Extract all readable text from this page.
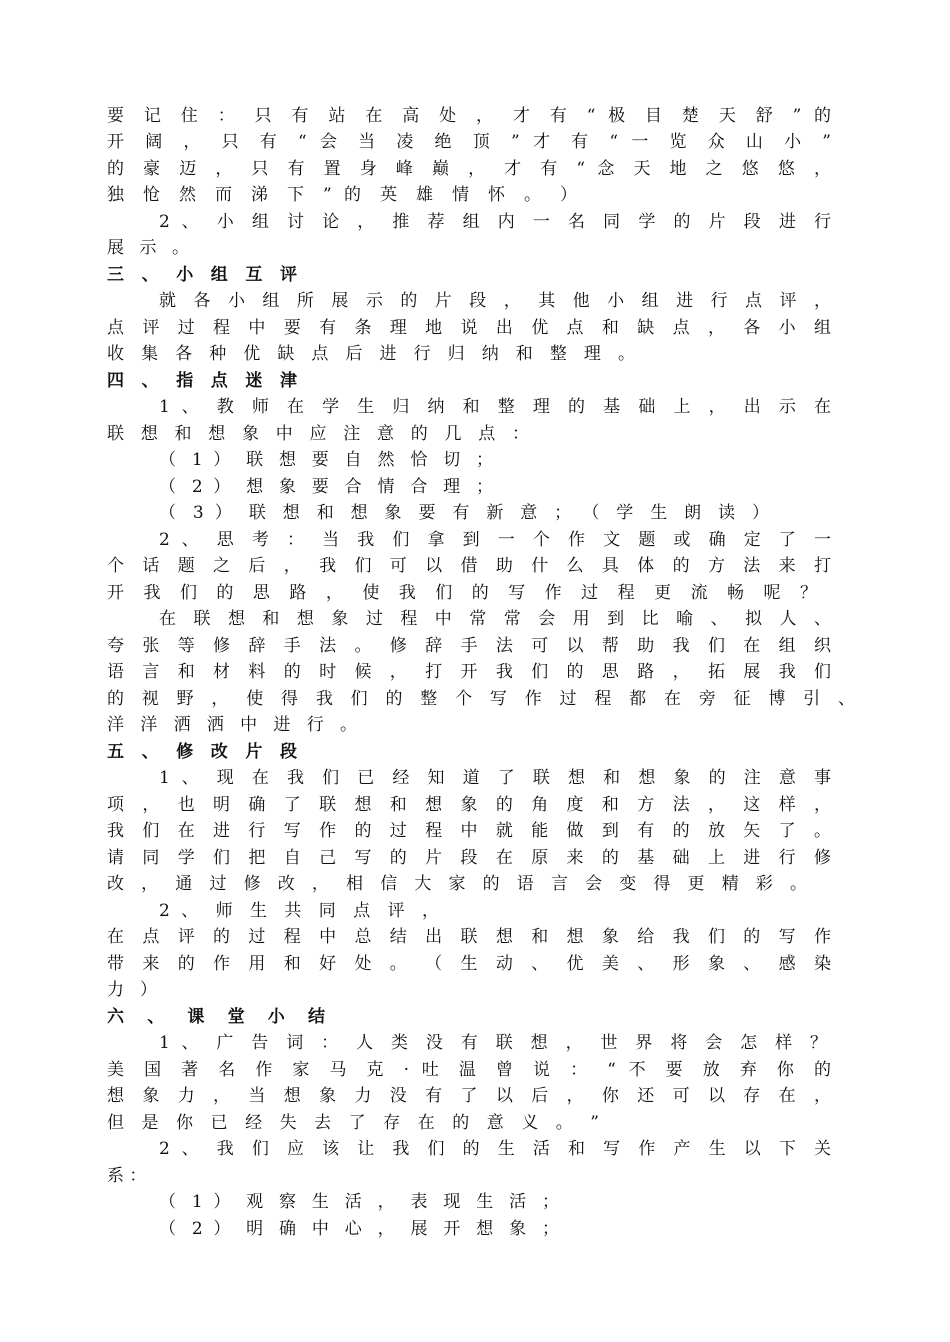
要 记 住 ： 只 有 站 在 高 处 ， 才 有 “ 极 目 楚 天 舒 ” 的
开 阔 ， 只 有 “ 会 当 凌 绝 顶 ” 才 有 “ 一 览 众 山 小 ”
的 豪 迈 ， 只 有 置 身 峰 巅 ， 才 有 “ 念 天 地 之 悠 悠 ，
独 怆 然 而 涕 下 ” 的 英 雄 情 怀 。 ）
2 、 小 组 讨 论 ， 推 荐 组 内 一 名 同 学 的 片 段 进 行
展 示 。
三 、 小 组 互 评
就 各 小 组 所 展 示 的 片 段 ， 其 他 小 组 进 行 点 评 ，
点 评 过 程 中 要 有 条 理 地 说 出 优 点 和 缺 点 ， 各 小 组
收 集 各 种 优 缺 点 后 进 行 归 纳 和 整 理 。
四 、 指 点 迷 津
1 、 教 师 在 学 生 归 纳 和 整 理 的 基 础 上 ， 出 示 在
联 想 和 想 象 中 应 注 意 的 几 点 ：
（ 1 ） 联 想 要 自 然 恰 切 ；
（ 2 ） 想 象 要 合 情 合 理 ；
（ 3 ） 联 想 和 想 象 要 有 新 意 ； （ 学 生 朗 读 ）
2 、 思 考 ： 当 我 们 拿 到 一 个 作 文 题 或 确 定 了 一
个 话 题 之 后 ， 我 们 可 以 借 助 什 么 具 体 的 方 法 来 打
开 我 们 的 思 路 ， 使 我 们 的 写 作 过 程 更 流 畅 呢 ？
在 联 想 和 想 象 过 程 中 常 常 会 用 到 比 喻 、 拟 人 、
夸 张 等 修 辞 手 法 。 修 辞 手 法 可 以 帮 助 我 们 在 组 织
语 言 和 材 料 的 时 候 ， 打 开 我 们 的 思 路 ， 拓 展 我 们
的 视 野 ， 使 得 我 们 的 整 个 写 作 过 程 都 在 旁 征 博 引 、
洋 洋 洒 洒 中 进 行 。
五 、 修 改 片 段
1 、 现 在 我 们 已 经 知 道 了 联 想 和 想 象 的 注 意 事
项 ， 也 明 确 了 联 想 和 想 象 的 角 度 和 方 法 ， 这 样 ，
我 们 在 进 行 写 作 的 过 程 中 就 能 做 到 有 的 放 矢 了 。
请 同 学 们 把 自 己 写 的 片 段 在 原 来 的 基 础 上 进 行 修
改 ， 通 过 修 改 ， 相 信 大 家 的 语 言 会 变 得 更 精 彩 。
2 、 师 生 共 同 点 评 ，
在 点 评 的 过 程 中 总 结 出 联 想 和 想 象 给 我 们 的 写 作
带 来 的 作 用 和 好 处 。 （ 生 动 、 优 美 、 形 象 、 感 染
力 ）
六 、 课 堂 小 结
1 、 广 告 词 ： 人 类 没 有 联 想 ， 世 界 将 会 怎 样 ？
美 国 著 名 作 家 马 克 · 吐 温 曾 说 ： “ 不 要 放 弃 你 的
想 象 力 ， 当 想 象 力 没 有 了 以 后 ， 你 还 可 以 存 在 ，
但 是 你 已 经 失 去 了 存 在 的 意 义 。 ”
2 、 我 们 应 该 让 我 们 的 生 活 和 写 作 产 生 以 下 关
系 ：
（ 1 ） 观 察 生 活 ， 表 现 生 活 ；
（ 2 ） 明 确 中 心 ， 展 开 想 象 ；
